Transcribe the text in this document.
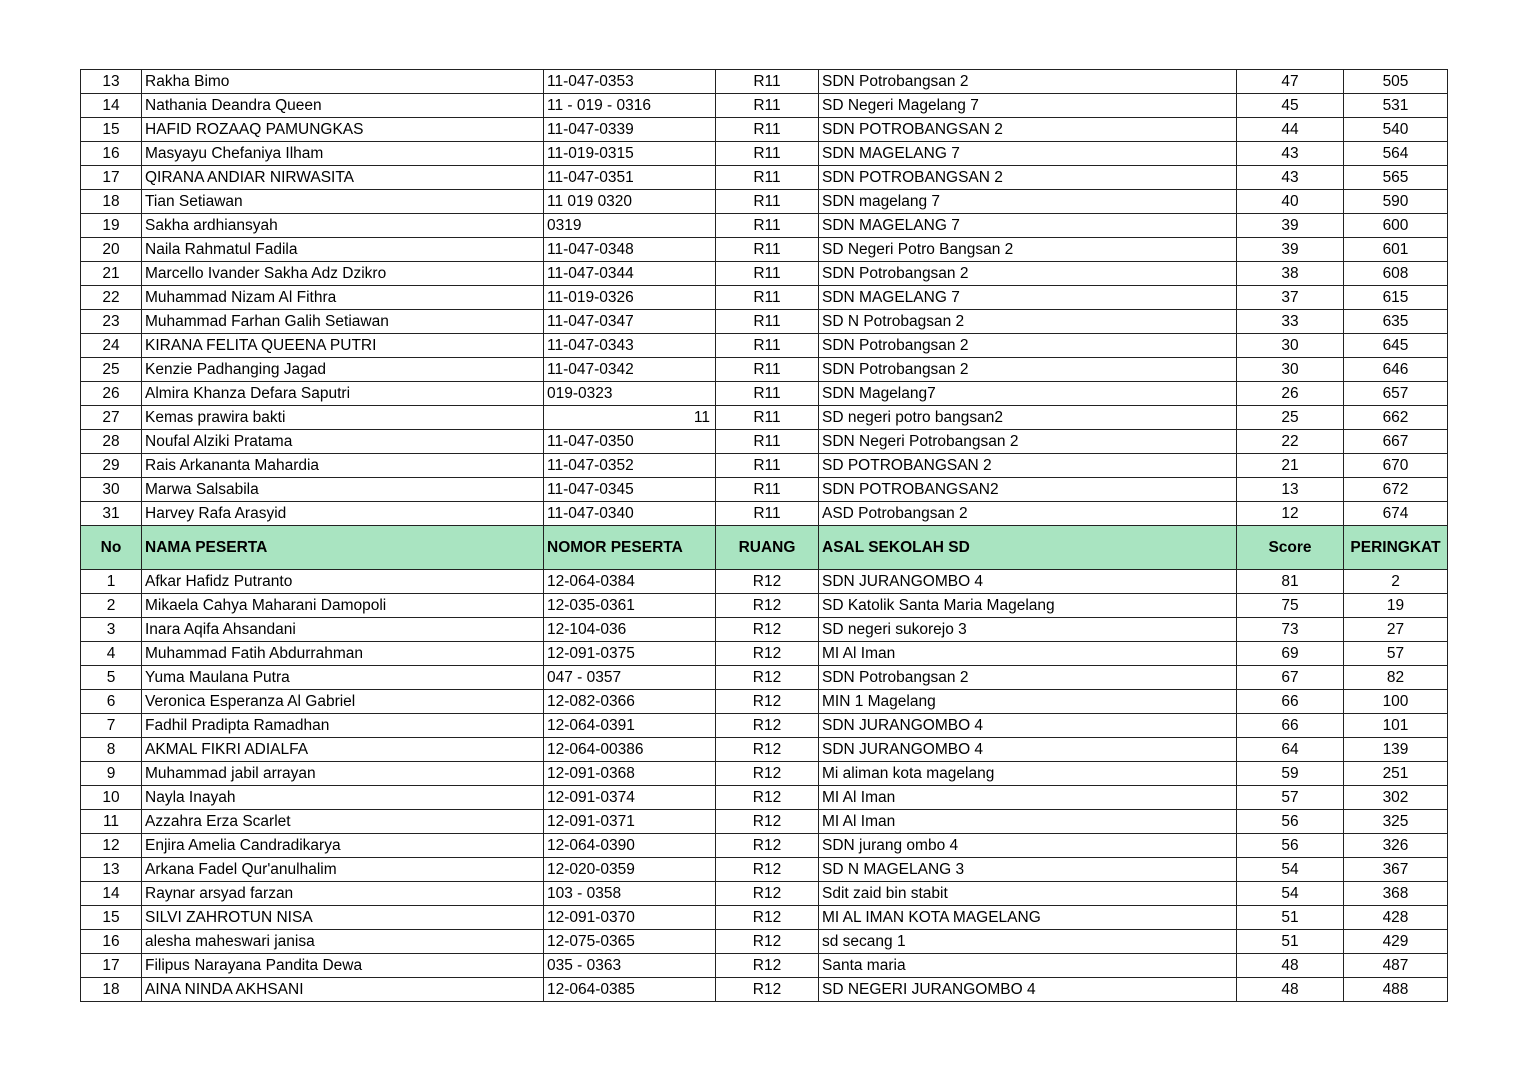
13	Rakha Bimo	11-047-0353	R11	SDN Potrobangsan 2	47	505
14	Nathania Deandra Queen	11 - 019 - 0316	R11	SD Negeri Magelang 7	45	531
15	HAFID ROZAAQ PAMUNGKAS	11-047-0339	R11	SDN POTROBANGSAN 2	44	540
16	Masyayu Chefaniya Ilham	11-019-0315	R11	SDN MAGELANG 7	43	564
17	QIRANA ANDIAR NIRWASITA	11-047-0351	R11	SDN POTROBANGSAN 2	43	565
18	Tian Setiawan	11 019 0320	R11	SDN magelang 7	40	590
19	Sakha ardhiansyah	0319	R11	SDN MAGELANG 7	39	600
20	Naila Rahmatul Fadila	11-047-0348	R11	SD Negeri Potro Bangsan 2	39	601
21	Marcello Ivander Sakha Adz Dzikro	11-047-0344	R11	SDN Potrobangsan 2	38	608
22	Muhammad Nizam Al Fithra	11-019-0326	R11	SDN MAGELANG 7	37	615
23	Muhammad Farhan Galih Setiawan	11-047-0347	R11	SD N Potrobagsan 2	33	635
24	KIRANA FELITA QUEENA PUTRI	11-047-0343	R11	SDN Potrobangsan 2	30	645
25	Kenzie Padhanging Jagad	11-047-0342	R11	SDN Potrobangsan 2	30	646
26	Almira Khanza Defara Saputri	019-0323	R11	SDN Magelang7	26	657
27	Kemas prawira bakti	11	R11	SD negeri potro bangsan2	25	662
28	Noufal Alziki Pratama	11-047-0350	R11	SDN Negeri Potrobangsan 2	22	667
29	Rais Arkananta Mahardia	11-047-0352	R11	SD POTROBANGSAN 2	21	670
30	Marwa Salsabila	11-047-0345	R11	SDN POTROBANGSAN2	13	672
31	Harvey Rafa Arasyid	11-047-0340	R11	ASD Potrobangsan 2	12	674
No	NAMA PESERTA	NOMOR PESERTA	RUANG	ASAL SEKOLAH SD	Score	PERINGKAT
1	Afkar Hafidz Putranto	12-064-0384	R12	SDN JURANGOMBO 4	81	2
2	Mikaela Cahya Maharani Damopoli	12-035-0361	R12	SD Katolik Santa Maria Magelang	75	19
3	Inara Aqifa Ahsandani	12-104-036	R12	SD negeri sukorejo 3	73	27
4	Muhammad Fatih Abdurrahman	12-091-0375	R12	MI Al Iman	69	57
5	Yuma Maulana Putra	047 - 0357	R12	SDN Potrobangsan 2	67	82
6	Veronica Esperanza Al Gabriel	12-082-0366	R12	MIN 1 Magelang	66	100
7	Fadhil Pradipta Ramadhan	12-064-0391	R12	SDN JURANGOMBO 4	66	101
8	AKMAL FIKRI ADIALFA	12-064-00386	R12	SDN JURANGOMBO 4	64	139
9	Muhammad jabil arrayan	12-091-0368	R12	Mi aliman kota magelang	59	251
10	Nayla Inayah	12-091-0374	R12	MI Al Iman	57	302
11	Azzahra Erza Scarlet	12-091-0371	R12	MI Al Iman	56	325
12	Enjira Amelia Candradikarya	12-064-0390	R12	SDN jurang ombo 4	56	326
13	Arkana Fadel Qur'anulhalim	12-020-0359	R12	SD N MAGELANG 3	54	367
14	Raynar arsyad farzan	103 - 0358	R12	Sdit zaid bin stabit	54	368
15	SILVI ZAHROTUN NISA	12-091-0370	R12	MI AL IMAN KOTA MAGELANG	51	428
16	alesha maheswari janisa	12-075-0365	R12	sd secang 1	51	429
17	Filipus Narayana Pandita Dewa	035 - 0363	R12	Santa maria	48	487
18	AINA NINDA AKHSANI	12-064-0385	R12	SD NEGERI JURANGOMBO 4	48	488
